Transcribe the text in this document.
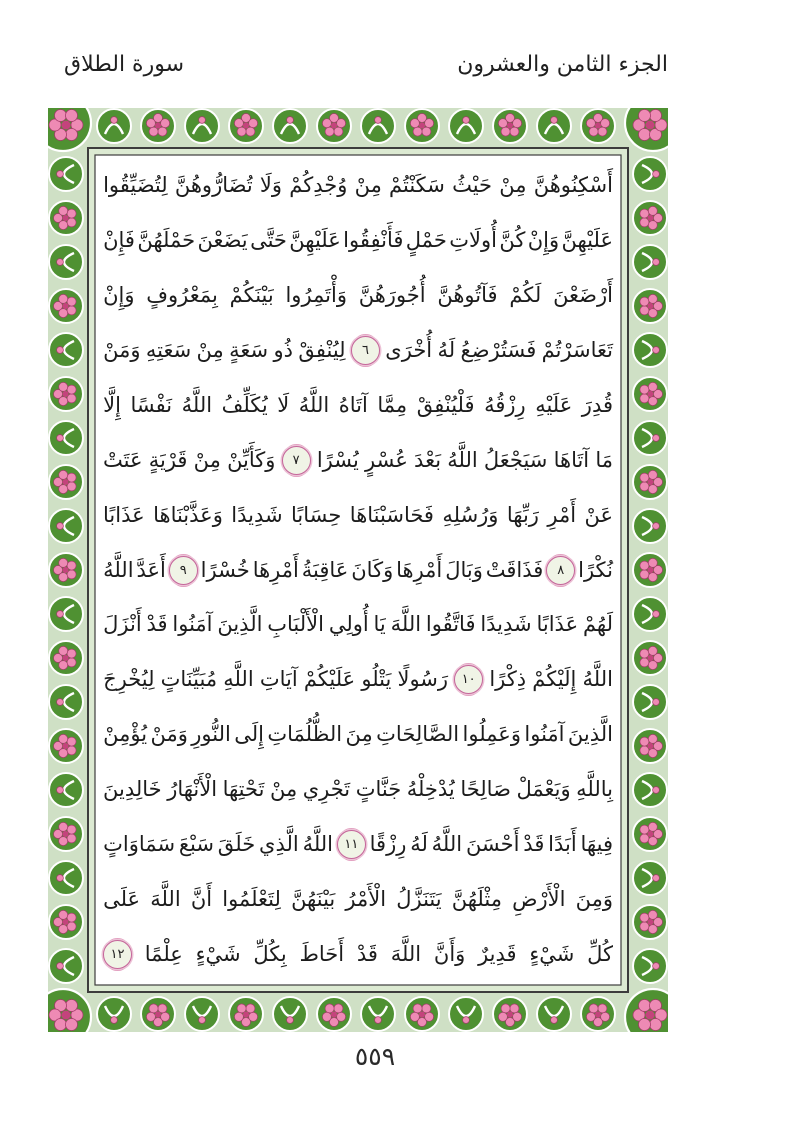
الجزء الثامن والعشرون
سورة الطلاق
أَسْكِنُوهُنَّ
مِنْ
حَيْثُ
سَكَنْتُمْ
مِنْ
وُجْدِكُمْ
وَلَا
تُضَارُّوهُنَّ
لِتُضَيِّقُوا
عَلَيْهِنَّ
وَإِنْ
كُنَّ
أُولَاتِ
حَمْلٍ
فَأَنْفِقُوا
عَلَيْهِنَّ
حَتَّى
يَضَعْنَ
حَمْلَهُنَّ
فَإِنْ
أَرْضَعْنَ
لَكُمْ
فَآتُوهُنَّ
أُجُورَهُنَّ
وَأْتَمِرُوا
بَيْنَكُمْ
بِمَعْرُوفٍ
وَإِنْ
تَعَاسَرْتُمْ
فَسَتُرْضِعُ
لَهُ
أُخْرَى
٦
لِيُنْفِقْ
ذُو
سَعَةٍ
مِنْ
سَعَتِهِ
وَمَنْ
قُدِرَ
عَلَيْهِ
رِزْقُهُ
فَلْيُنْفِقْ
مِمَّا
آتَاهُ
اللَّهُ
لَا
يُكَلِّفُ
اللَّهُ
نَفْسًا
إِلَّا
مَا
آتَاهَا
سَيَجْعَلُ
اللَّهُ
بَعْدَ
عُسْرٍ
يُسْرًا
٧
وَكَأَيِّنْ
مِنْ
قَرْيَةٍ
عَتَتْ
عَنْ
أَمْرِ
رَبِّهَا
وَرُسُلِهِ
فَحَاسَبْنَاهَا
حِسَابًا
شَدِيدًا
وَعَذَّبْنَاهَا
عَذَابًا
نُكْرًا
٨
فَذَاقَتْ
وَبَالَ
أَمْرِهَا
وَكَانَ
عَاقِبَةُ
أَمْرِهَا
خُسْرًا
٩
أَعَدَّ
اللَّهُ
لَهُمْ
عَذَابًا
شَدِيدًا
فَاتَّقُوا
اللَّهَ
يَا
أُولِي
الْأَلْبَابِ
الَّذِينَ
آمَنُوا
قَدْ
أَنْزَلَ
اللَّهُ
إِلَيْكُمْ
ذِكْرًا
١٠
رَسُولًا
يَتْلُو
عَلَيْكُمْ
آيَاتِ
اللَّهِ
مُبَيِّنَاتٍ
لِيُخْرِجَ
الَّذِينَ
آمَنُوا
وَعَمِلُوا
الصَّالِحَاتِ
مِنَ
الظُّلُمَاتِ
إِلَى
النُّورِ
وَمَنْ
يُؤْمِنْ
بِاللَّهِ
وَيَعْمَلْ
صَالِحًا
يُدْخِلْهُ
جَنَّاتٍ
تَجْرِي
مِنْ
تَحْتِهَا
الْأَنْهَارُ
خَالِدِينَ
فِيهَا
أَبَدًا
قَدْ
أَحْسَنَ
اللَّهُ
لَهُ
رِزْقًا
١١
اللَّهُ
الَّذِي
خَلَقَ
سَبْعَ
سَمَاوَاتٍ
وَمِنَ
الْأَرْضِ
مِثْلَهُنَّ
يَتَنَزَّلُ
الْأَمْرُ
بَيْنَهُنَّ
لِتَعْلَمُوا
أَنَّ
اللَّهَ
عَلَى
كُلِّ
شَيْءٍ
قَدِيرٌ
وَأَنَّ
اللَّهَ
قَدْ
أَحَاطَ
بِكُلِّ
شَيْءٍ
عِلْمًا
١٢
٥٥٩
